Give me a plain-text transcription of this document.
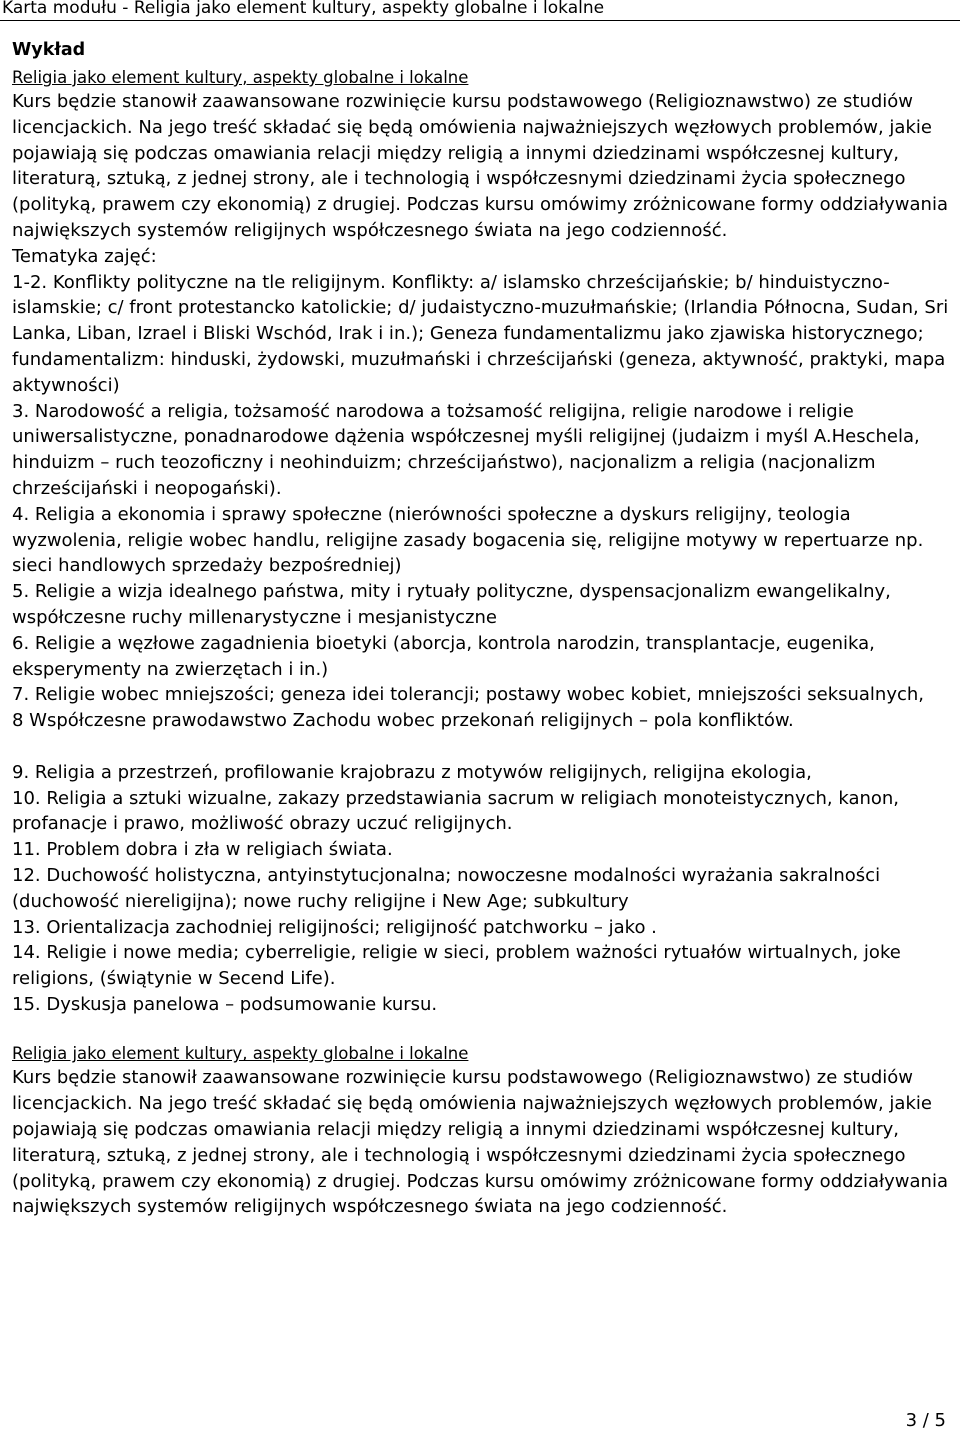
Karta modułu - Religia jako element kultury, aspekty globalne i lokalne
Wykład
Religia jako element kultury, aspekty globalne i lokalne

Kurs będzie stanowił zaawansowane rozwinięcie kursu podstawowego (Religioznawstwo) ze studiów licencjackich. Na jego treść składać się będą omówienia najważniejszych węzłowych problemów, jakie pojawiają się podczas omawiania relacji między religią a innymi dziedzinami współczesnej kultury, literaturą, sztuką, z jednej strony, ale i technologią i współczesnymi dziedzinami życia społecznego (polityką, prawem czy ekonomią) z drugiej. Podczas kursu omówimy zróżnicowane formy oddziaływania największych systemów religijnych współczesnego świata na jego codzienność.

Tematyka zajęć:

1-2. Konflikty polityczne na tle religijnym. Konflikty: a/ islamsko chrześcijańskie; b/ hinduistyczno-islamskie; c/ front protestancko katolickie; d/ judaistyczno-muzułmańskie; (Irlandia Północna, Sudan, Sri Lanka, Liban, Izrael i Bliski Wschód, Irak i in.); Geneza fundamentalizmu jako zjawiska historycznego; fundamentalizm: hinduski, żydowski, muzułmański i chrześcijański (geneza, aktywność, praktyki, mapa aktywności)

3. Narodowość a religia, tożsamość narodowa a tożsamość religijna, religie narodowe i religie uniwersalistyczne, ponadnarodowe dążenia współczesnej myśli religijnej (judaizm i myśl A.Heschela, hinduizm – ruch teozoficzny i neohinduizm; chrześcijaństwo), nacjonalizm a religia (nacjonalizm chrześcijański i neopogański).

4. Religia a ekonomia i sprawy społeczne (nierówności społeczne a dyskurs religijny, teologia wyzwolenia, religie wobec handlu, religijne zasady bogacenia się, religijne motywy w repertuarze np. sieci handlowych sprzedaży bezpośredniej)

5. Religie a wizja idealnego państwa, mity i rytuały polityczne, dyspensacjonalizm ewangelikalny, współczesne ruchy millenarystyczne i mesjanistyczne

6. Religie a węzłowe zagadnienia bioetyki (aborcja, kontrola narodzin, transplantacje, eugenika, eksperymenty na zwierzętach i in.)

7. Religie wobec mniejszości; geneza idei tolerancji; postawy wobec kobiet, mniejszości seksualnych,

8 Współczesne prawodawstwo Zachodu wobec przekonań religijnych – pola konfliktów.

9. Religia a przestrzeń, profilowanie krajobrazu z motywów religijnych, religijna ekologia,

10. Religia a sztuki wizualne, zakazy przedstawiania sacrum w religiach monoteistycznych, kanon, profanacje i prawo, możliwość obrazy uczuć religijnych.

11. Problem dobra i zła w religiach świata.

12. Duchowość holistyczna, antyinstytucjonalna; nowoczesne modalności wyrażania sakralności (duchowość niereligijna); nowe ruchy religijne i New Age; subkultury

13. Orientalizacja zachodniej religijności; religijność patchworku – jako .

14. Religie i nowe media; cyberreligie, religie w sieci, problem ważności rytuałów wirtualnych, joke religions, (świątynie w Secend Life).

15. Dyskusja panelowa – podsumowanie kursu.

Religia jako element kultury, aspekty globalne i lokalne

Kurs będzie stanowił zaawansowane rozwinięcie kursu podstawowego (Religioznawstwo) ze studiów licencjackich. Na jego treść składać się będą omówienia najważniejszych węzłowych problemów, jakie pojawiają się podczas omawiania relacji między religią a innymi dziedzinami współczesnej kultury, literaturą, sztuką, z jednej strony, ale i technologią i współczesnymi dziedzinami życia społecznego (polityką, prawem czy ekonomią) z drugiej. Podczas kursu omówimy zróżnicowane formy oddziaływania największych systemów religijnych współczesnego świata na jego codzienność.

3 / 5
